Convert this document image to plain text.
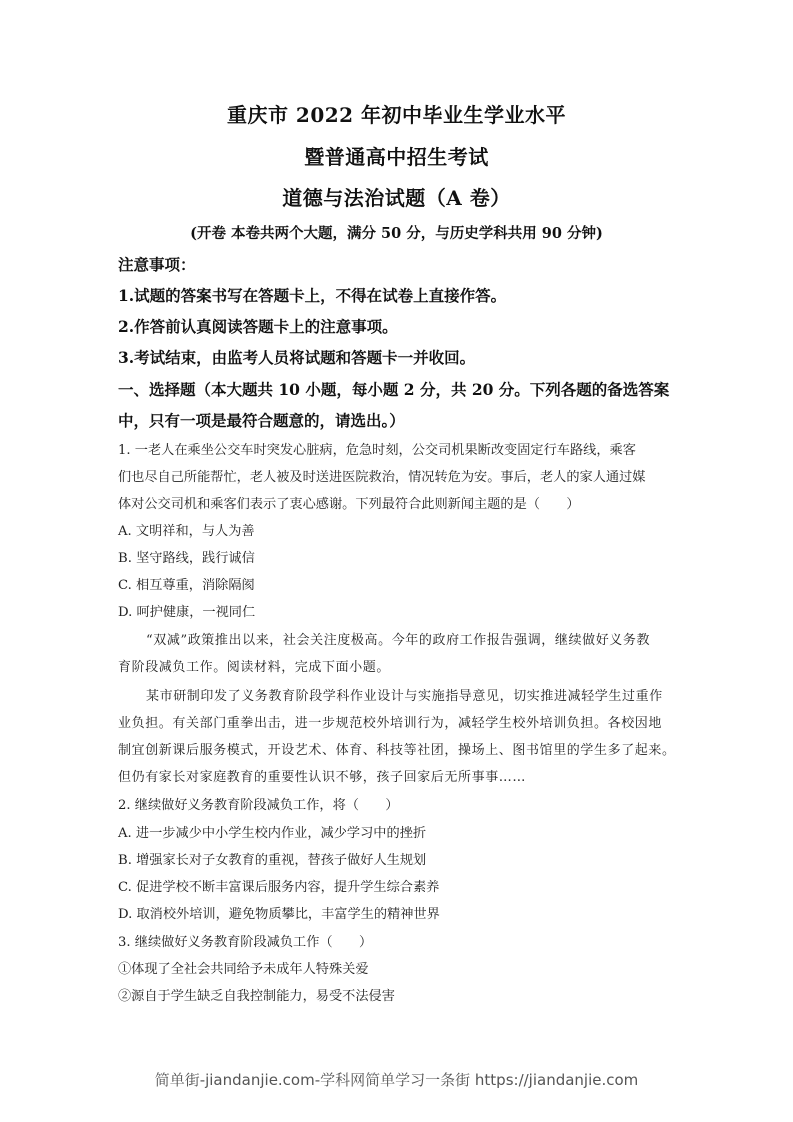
重庆市 2022 年初中毕业生学业水平
暨普通高中招生考试
道德与法治试题（A 卷）
(开卷 本卷共两个大题，满分 50 分，与历史学科共用 90 分钟)
注意事项：
1.试题的答案书写在答题卡上，不得在试卷上直接作答。
2.作答前认真阅读答题卡上的注意事项。
3.考试结束，由监考人员将试题和答题卡一并收回。
一、选择题（本大题共 10 小题，每小题 2 分，共 20 分。下列各题的备选答案
中，只有一项是最符合题意的，请选出。）
1. 一老人在乘坐公交车时突发心脏病，危急时刻，公交司机果断改变固定行车路线，乘客
们也尽自己所能帮忙，老人被及时送进医院救治，情况转危为安。事后，老人的家人通过媒
体对公交司机和乘客们表示了衷心感谢。下列最符合此则新闻主题的是（　　）
A. 文明祥和，与人为善
B. 坚守路线，践行诚信
C. 相互尊重，消除隔阂
D. 呵护健康，一视同仁
“双减”政策推出以来，社会关注度极高。今年的政府工作报告强调，继续做好义务教
育阶段减负工作。阅读材料，完成下面小题。
某市研制印发了义务教育阶段学科作业设计与实施指导意见，切实推进减轻学生过重作
业负担。有关部门重拳出击，进一步规范校外培训行为，减轻学生校外培训负担。各校因地
制宜创新课后服务模式，开设艺术、体育、科技等社团，操场上、图书馆里的学生多了起来。
但仍有家长对家庭教育的重要性认识不够，孩子回家后无所事事……
2. 继续做好义务教育阶段减负工作，将（　　）
A. 进一步减少中小学生校内作业，减少学习中的挫折
B. 增强家长对子女教育的重视，替孩子做好人生规划
C. 促进学校不断丰富课后服务内容，提升学生综合素养
D. 取消校外培训，避免物质攀比，丰富学生的精神世界
3. 继续做好义务教育阶段减负工作（　　）
①体现了全社会共同给予未成年人特殊关爱
②源自于学生缺乏自我控制能力，易受不法侵害
简单街-jiandanjie.com-学科网简单学习一条街 https://jiandanjie.com
